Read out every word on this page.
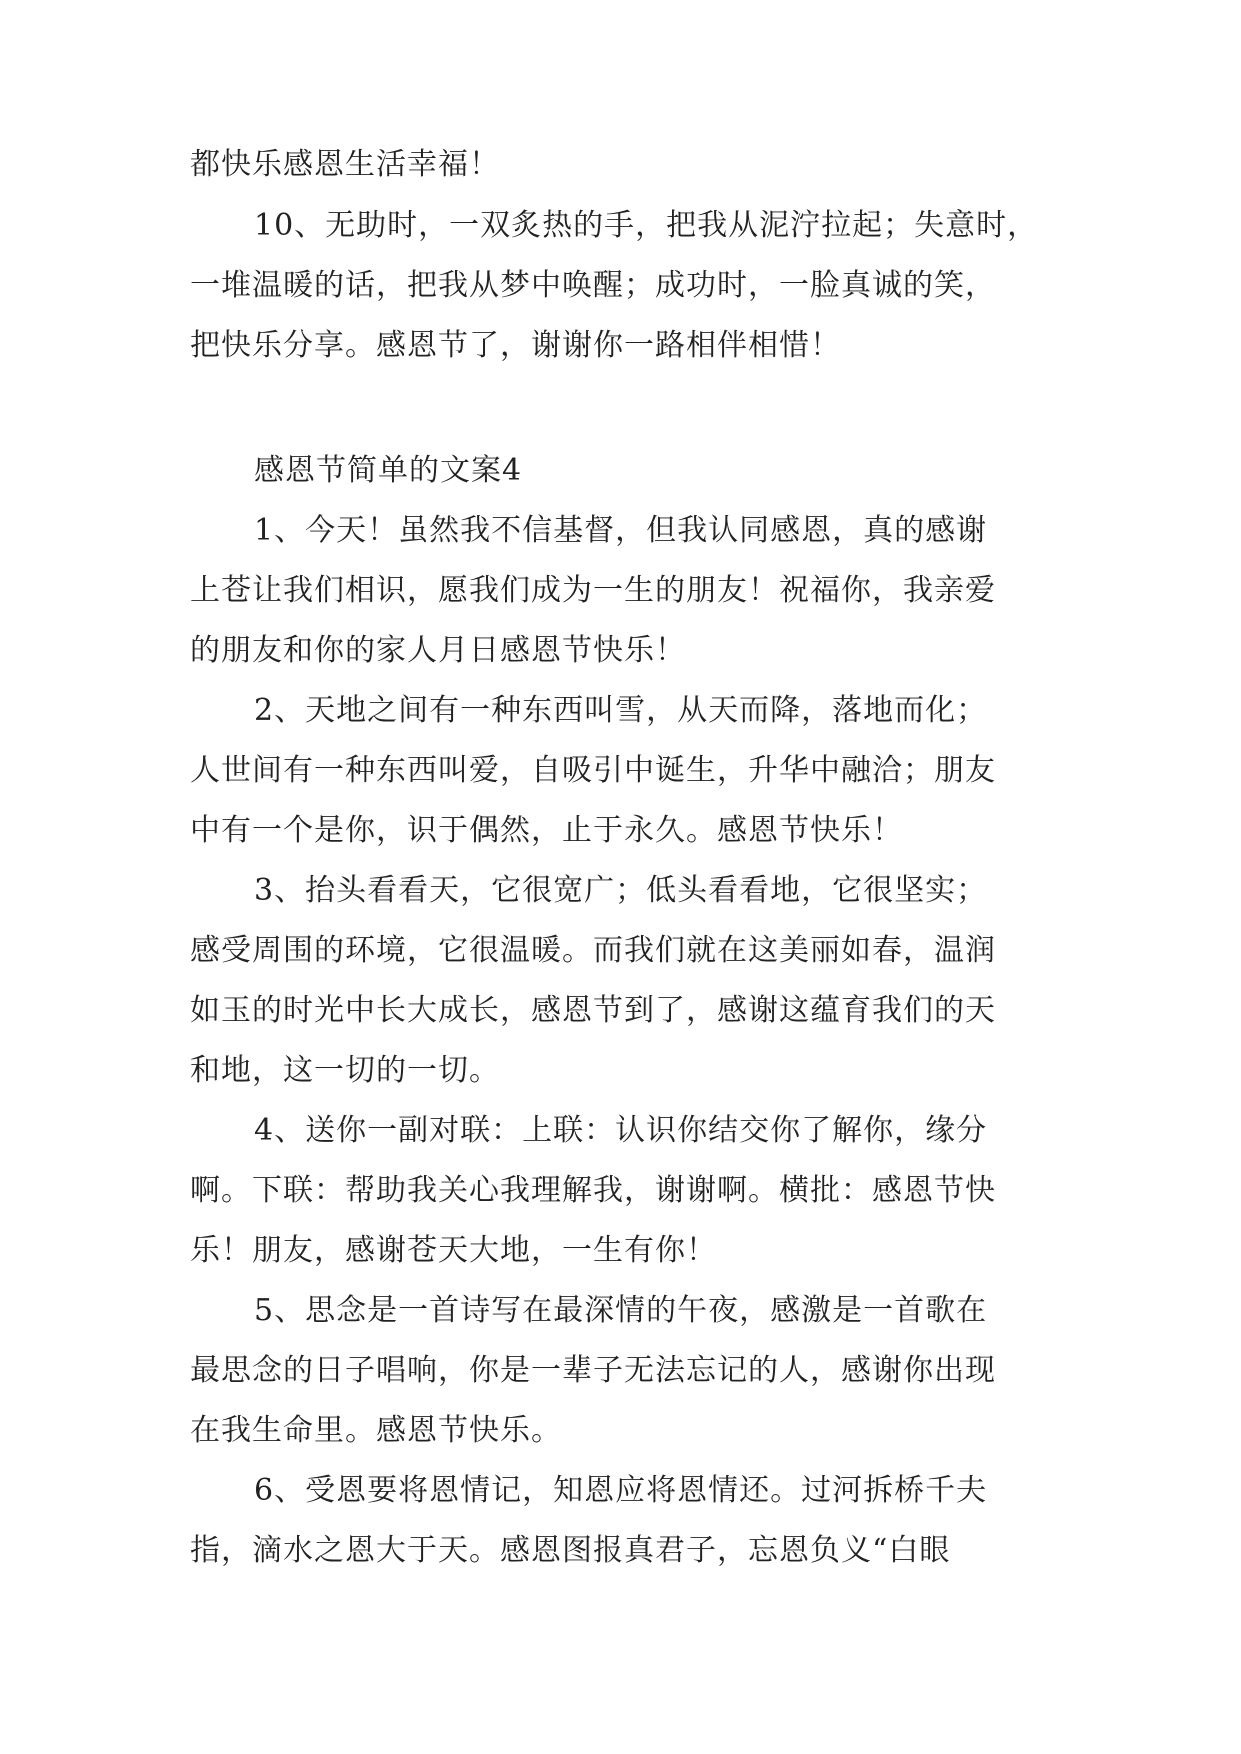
都快乐感恩生活幸福！
10、无助时，一双炙热的手，把我从泥泞拉起；失意时，
一堆温暖的话，把我从梦中唤醒；成功时，一脸真诚的笑，
把快乐分享。感恩节了，谢谢你一路相伴相惜！
感恩节简单的文案4
1、今天！虽然我不信基督，但我认同感恩，真的感谢
上苍让我们相识，愿我们成为一生的朋友！祝福你，我亲爱
的朋友和你的家人月日感恩节快乐！
2、天地之间有一种东西叫雪，从天而降，落地而化；
人世间有一种东西叫爱，自吸引中诞生，升华中融洽；朋友
中有一个是你，识于偶然，止于永久。感恩节快乐！
3、抬头看看天，它很宽广；低头看看地，它很坚实；
感受周围的环境，它很温暖。而我们就在这美丽如春，温润
如玉的时光中长大成长，感恩节到了，感谢这蕴育我们的天
和地，这一切的一切。
4、送你一副对联：上联：认识你结交你了解你，缘分
啊。下联：帮助我关心我理解我，谢谢啊。横批：感恩节快
乐！朋友，感谢苍天大地，一生有你！
5、思念是一首诗写在最深情的午夜，感激是一首歌在
最思念的日子唱响，你是一辈子无法忘记的人，感谢你出现
在我生命里。感恩节快乐。
6、受恩要将恩情记，知恩应将恩情还。过河拆桥千夫
指，滴水之恩大于天。感恩图报真君子，忘恩负义“白眼
